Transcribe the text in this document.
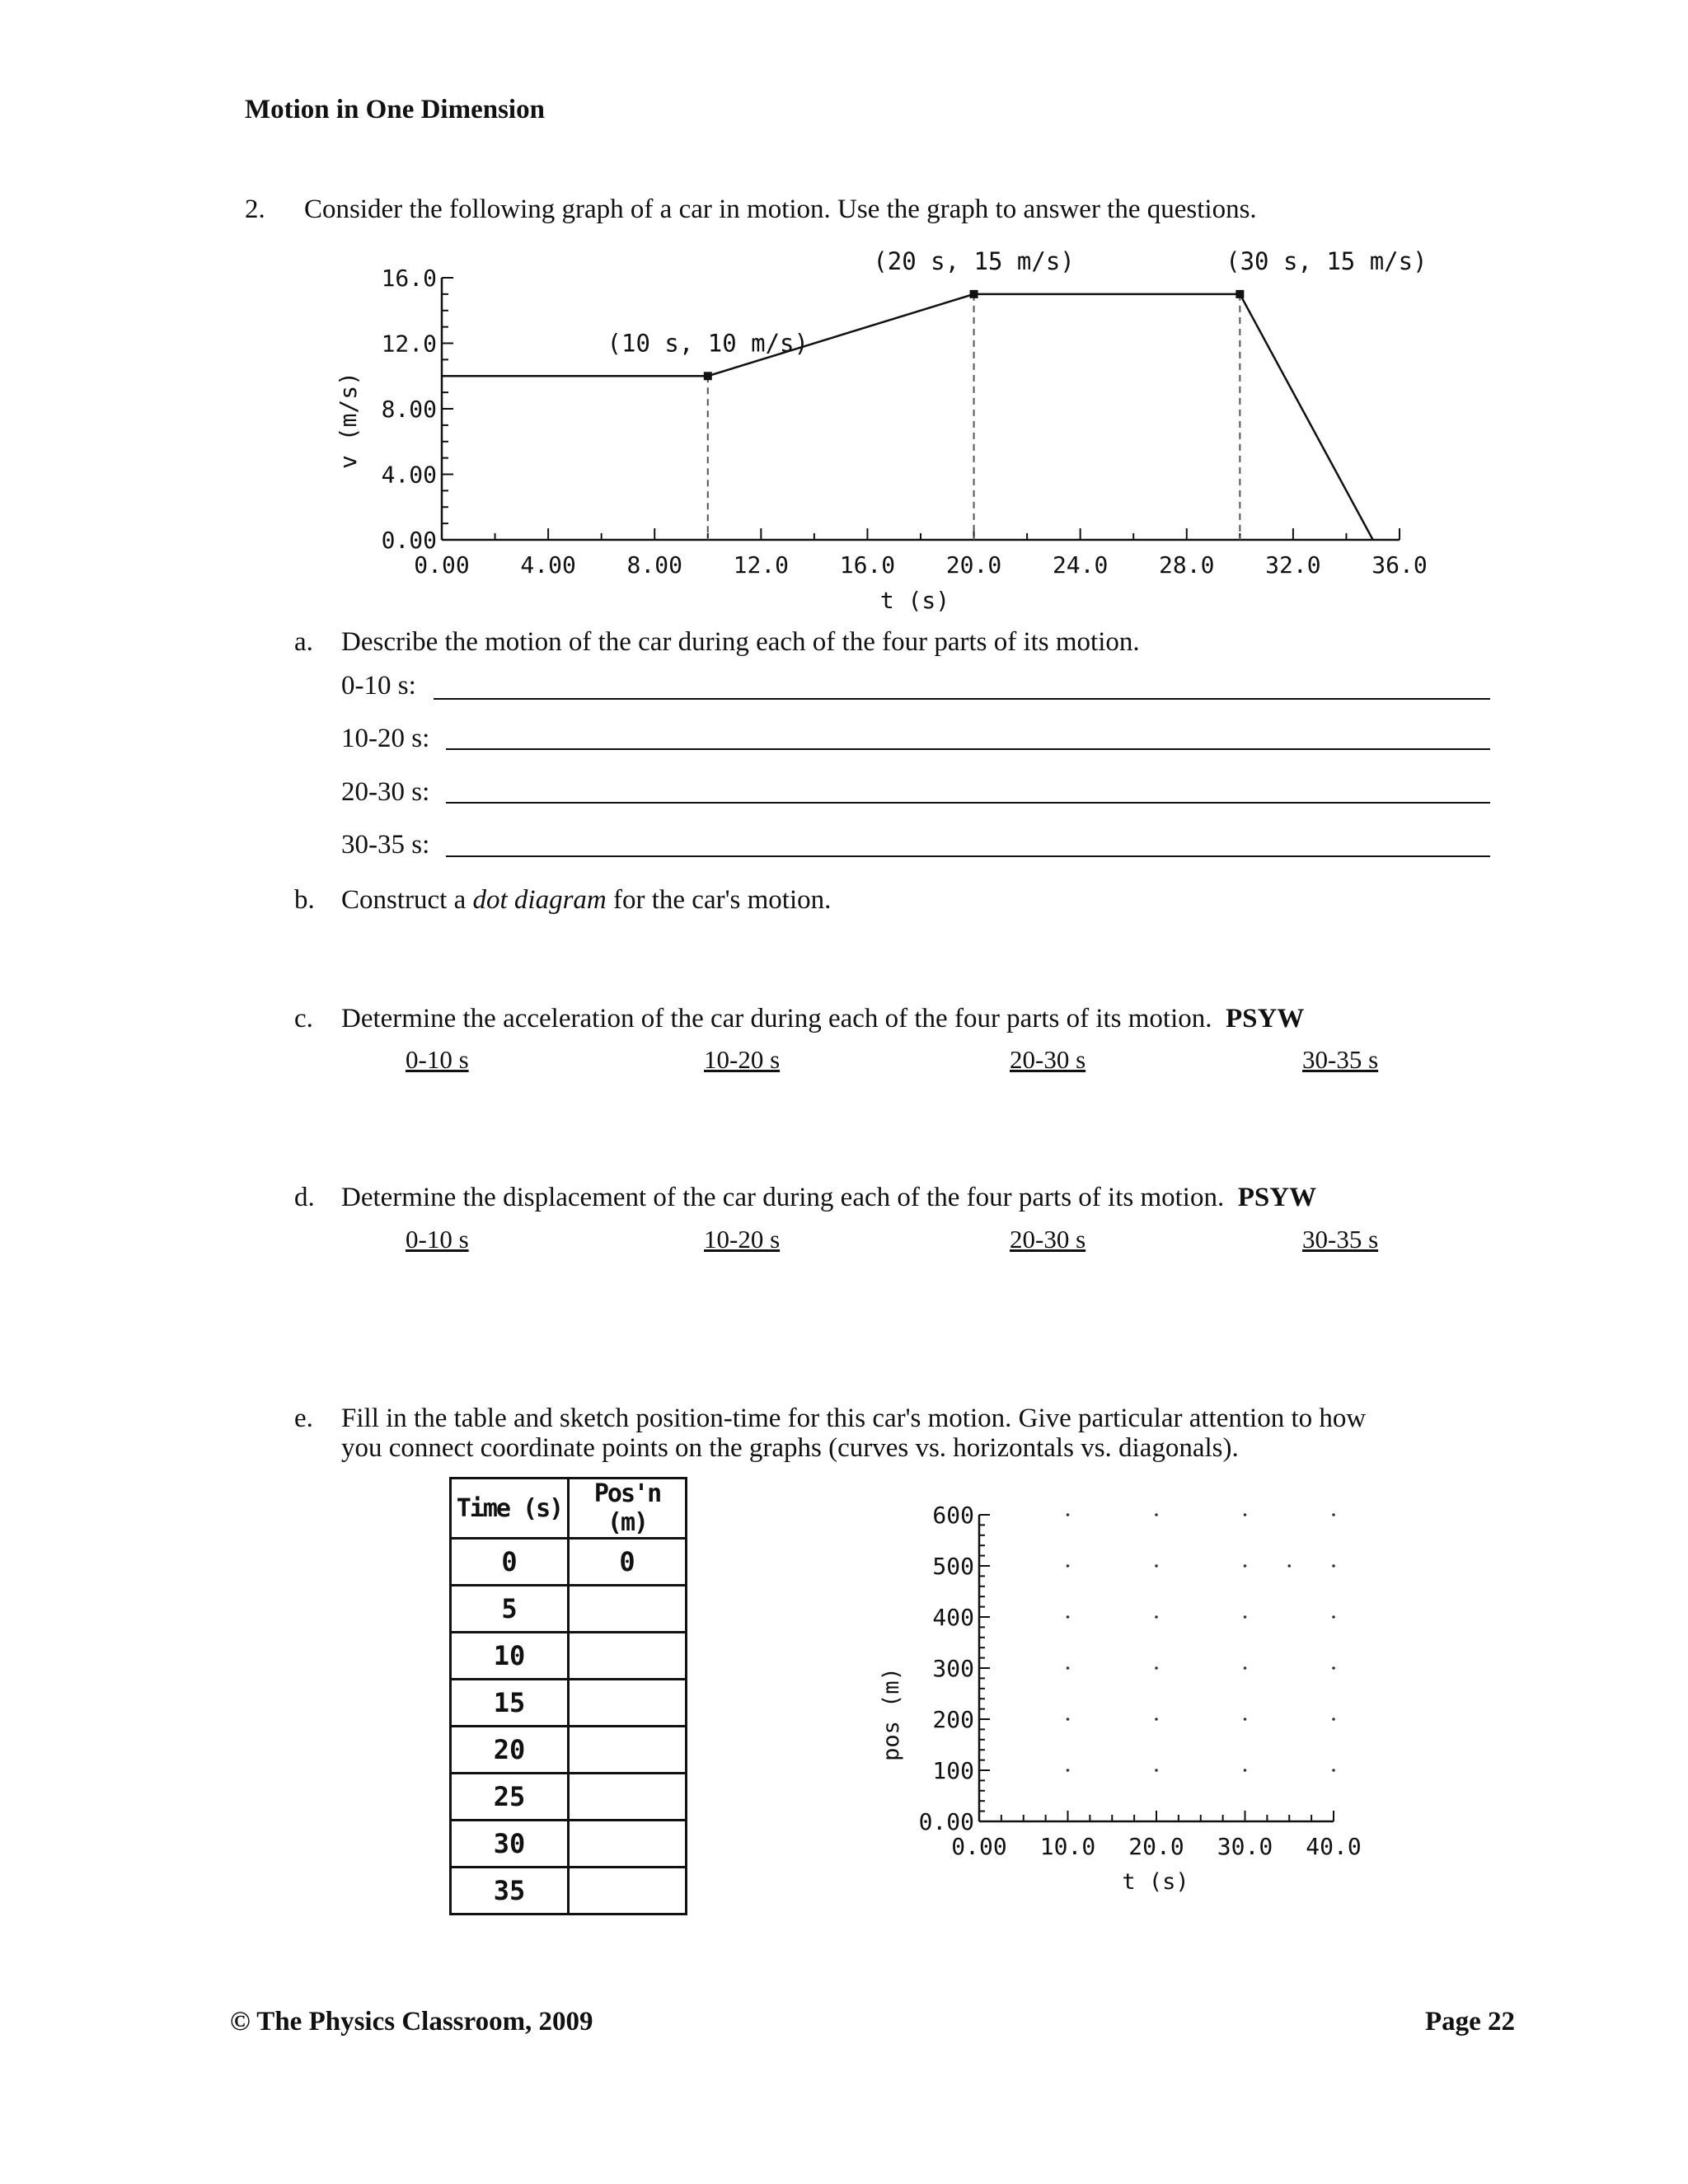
Motion in One Dimension
2. Consider the following graph of a car in motion. Use the graph to answer the questions.
v (m/s)
t (s)
0.00 4.00 8.00 12.0 16.0 20.0 24.0 28.0 32.0 36.0
0.00
4.00
8.00
12.0
16.0
(10 s, 10 m/s)
(20 s, 15 m/s)	(30 s, 15 m/s)
a. Describe the motion of the car during each of the four parts of its motion.
0-10 s:
10-20 s:
20-30 s:
30-35 s:
b. Construct a dot diagram for the car's motion.
c. Determine the acceleration of the car during each of the four parts of its motion. PSYW
0-10 s	10-20 s	20-30 s	30-35 s
d. Determine the displacement of the car during each of the four parts of its motion. PSYW
0-10 s	10-20 s	20-30 s	30-35 s
e. Fill in the table and sketch position-time for this car's motion. Give particular attention to how
you connect coordinate points on the graphs (curves vs. horizontals vs. diagonals).
Time (s)	Pos'n (m)
0	0
5	
10	
15	
20	
25	
30	
35	
pos (m)
t (s)
0.00 10.0 20.0 30.0 40.0
0.00
100
200
300
400
500
600
© The Physics Classroom, 2009	Page 22
